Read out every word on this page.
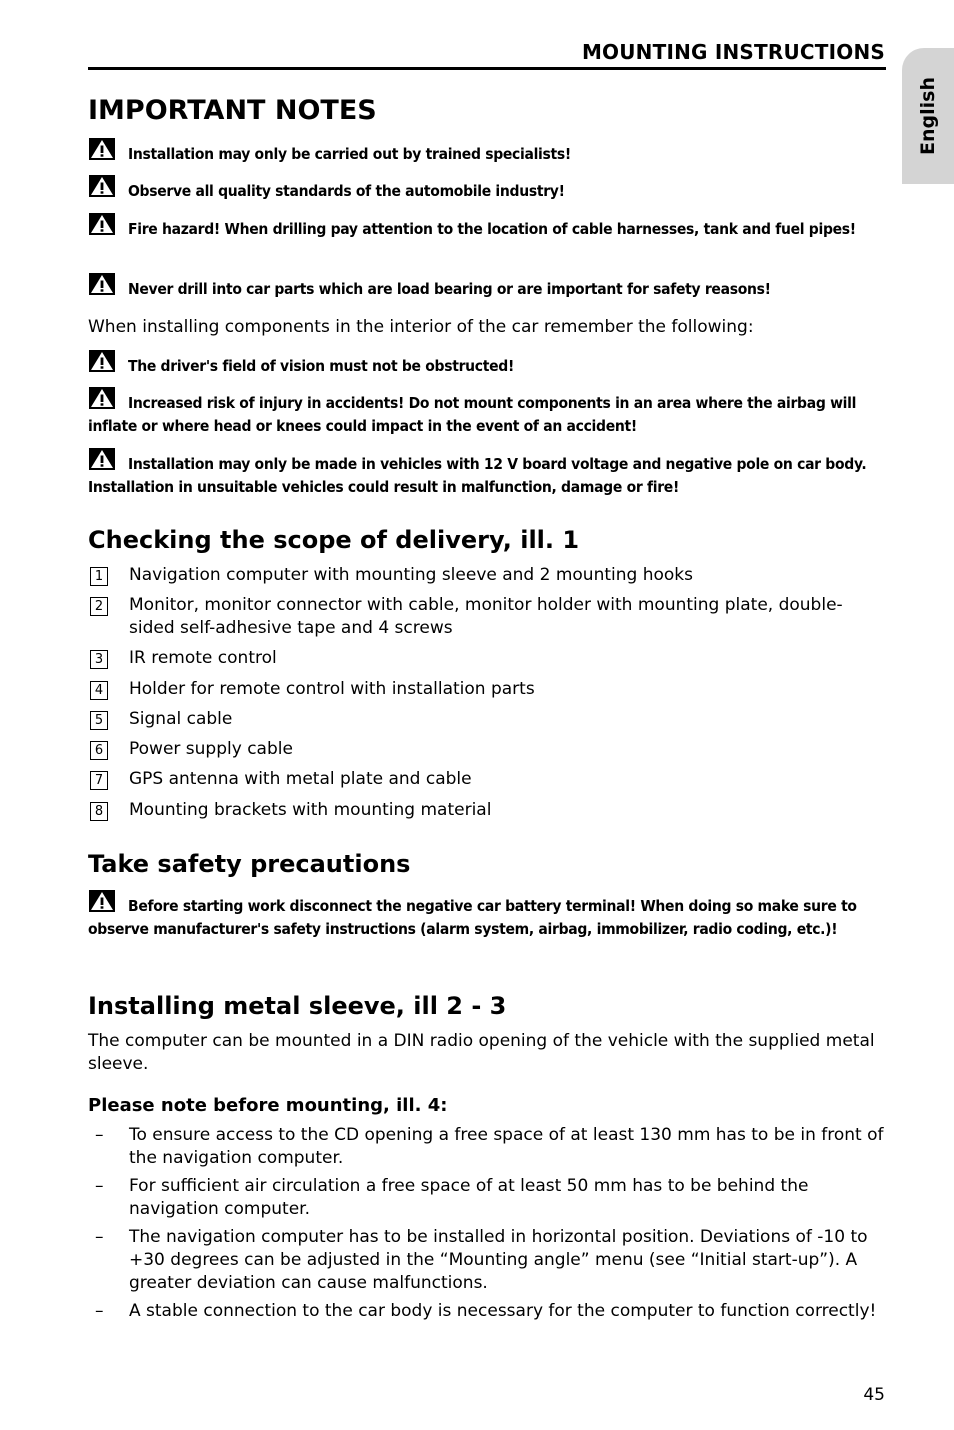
MOUNTING INSTRUCTIONS
English
IMPORTANT NOTES
Installation may only be carried out by trained specialists!
Observe all quality standards of the automobile industry!
Fire hazard! When drilling pay attention to the location of cable harnesses, tank and fuel pipes!
Never drill into car parts which are load bearing or are important for safety reasons!
When installing components in the interior of the car remember the following:
The driver's field of vision must not be obstructed!
Increased risk of injury in accidents! Do not mount components in an area where the airbag will inflate or where head or knees could impact in the event of an accident!
Installation may only be made in vehicles with 12 V board voltage and negative pole on car body. Installation in unsuitable vehicles could result in malfunction, damage or fire!
Checking the scope of delivery, ill. 1
1 Navigation computer with mounting sleeve and 2 mounting hooks
2 Monitor, monitor connector with cable, monitor holder with mounting plate, double-sided self-adhesive tape and 4 screws
3 IR remote control
4 Holder for remote control with installation parts
5 Signal cable
6 Power supply cable
7 GPS antenna with metal plate and cable
8 Mounting brackets with mounting material
Take safety precautions
Before starting work disconnect the negative car battery terminal! When doing so make sure to observe manufacturer's safety instructions (alarm system, airbag, immobilizer, radio coding, etc.)!
Installing metal sleeve, ill 2 - 3
The computer can be mounted in a DIN radio opening of the vehicle with the supplied metal sleeve.
Please note before mounting, ill. 4:
– To ensure access to the CD opening a free space of at least 130 mm has to be in front of the navigation computer.
– For sufficient air circulation a free space of at least 50 mm has to be behind the navigation computer.
– The navigation computer has to be installed in horizontal position. Deviations of -10 to +30 degrees can be adjusted in the “Mounting angle” menu (see “Initial start-up”). A greater deviation can cause malfunctions.
– A stable connection to the car body is necessary for the computer to function correctly!
45
